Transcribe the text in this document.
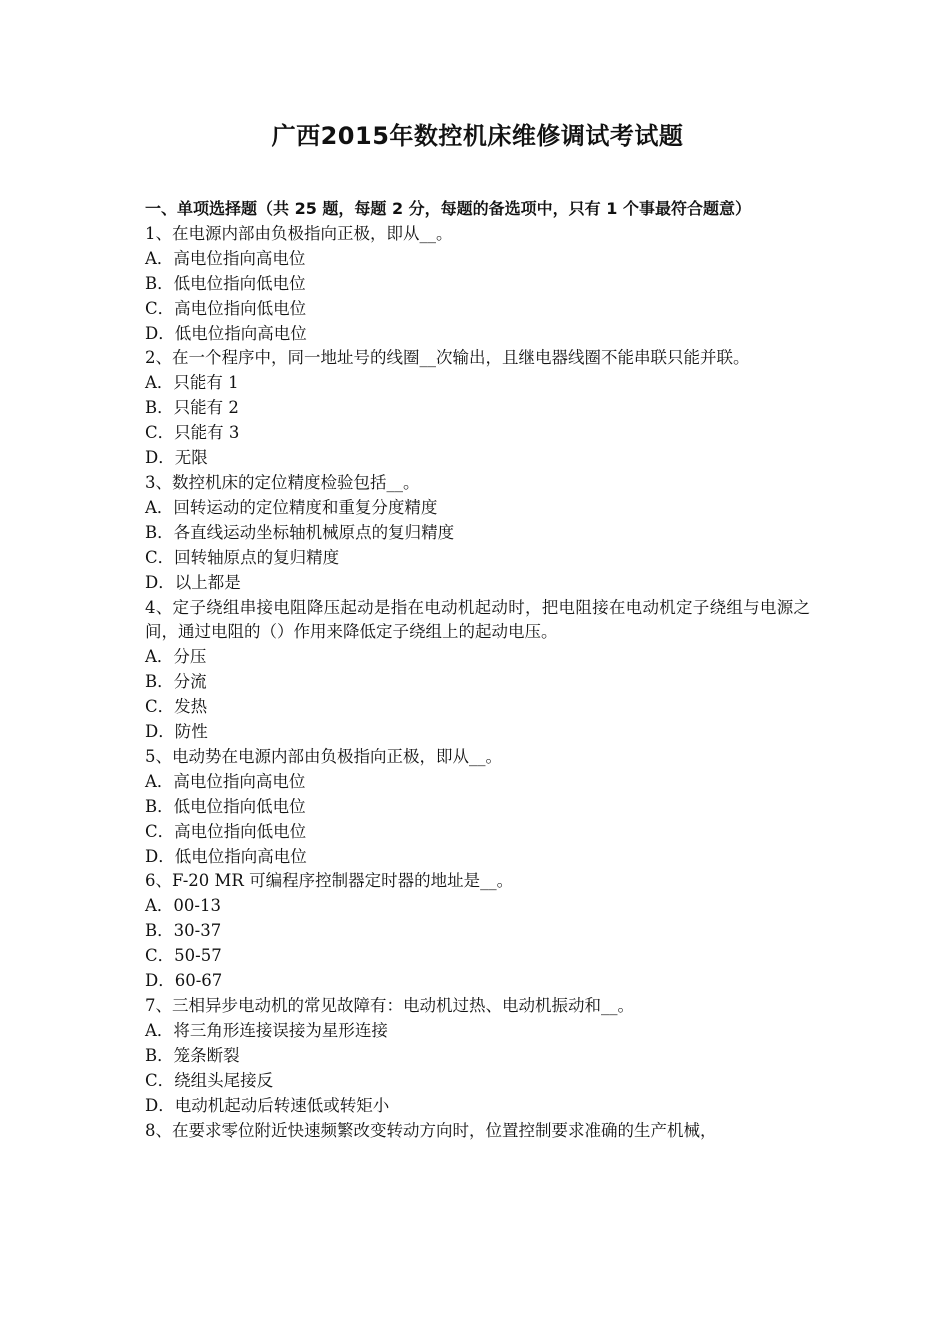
广西2015年数控机床维修调试考试题
一、单项选择题（共 25 题，每题 2 分，每题的备选项中，只有 1 个事最符合题意）
1、在电源内部由负极指向正极，即从__。
A．高电位指向高电位
B．低电位指向低电位
C．高电位指向低电位
D．低电位指向高电位
2、在一个程序中，同一地址号的线圈__次输出，且继电器线圈不能串联只能并联。
A．只能有 1
B．只能有 2
C．只能有 3
D．无限
3、数控机床的定位精度检验包括__。
A．回转运动的定位精度和重复分度精度
B．各直线运动坐标轴机械原点的复归精度
C．回转轴原点的复归精度
D．以上都是
4、定子绕组串接电阻降压起动是指在电动机起动时，把电阻接在电动机定子绕组与电源之间，通过电阻的（）作用来降低定子绕组上的起动电压。
A．分压
B．分流
C．发热
D．防性
5、电动势在电源内部由负极指向正极，即从__。
A．高电位指向高电位
B．低电位指向低电位
C．高电位指向低电位
D．低电位指向高电位
6、F-20 MR 可编程序控制器定时器的地址是__。
A．00-13
B．30-37
C．50-57
D．60-67
7、三相异步电动机的常见故障有：电动机过热、电动机振动和__。
A．将三角形连接误接为星形连接
B．笼条断裂
C．绕组头尾接反
D．电动机起动后转速低或转矩小
8、在要求零位附近快速频繁改变转动方向时，位置控制要求准确的生产机械，
